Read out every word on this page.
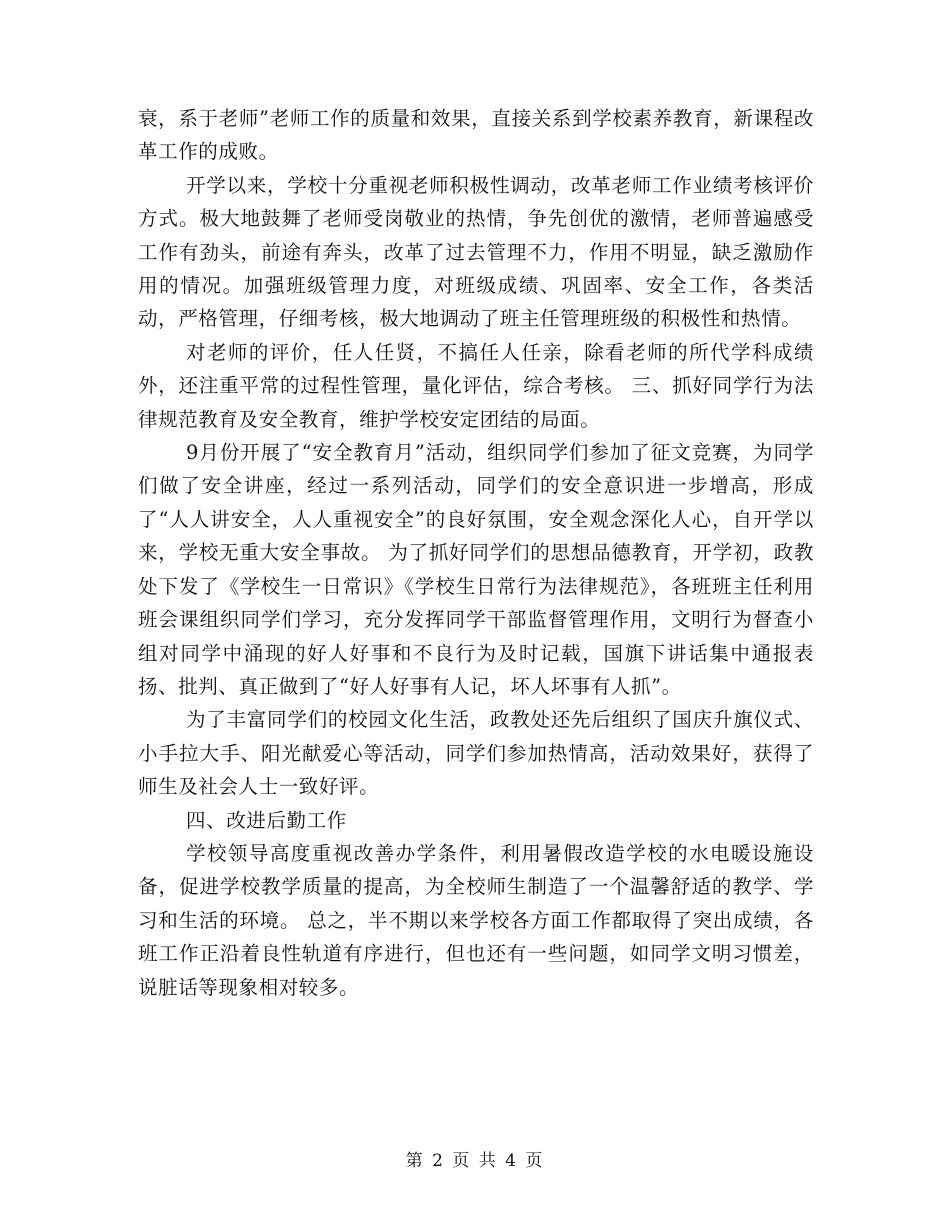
衰，系于老师”老师工作的质量和效果，直接关系到学校素养教育，新课程改革工作的成败。

开学以来，学校十分重视老师积极性调动，改革老师工作业绩考核评价方式。极大地鼓舞了老师受岗敬业的热情，争先创优的激情，老师普遍感受工作有劲头，前途有奔头，改革了过去管理不力，作用不明显，缺乏激励作用的情况。加强班级管理力度，对班级成绩、巩固率、安全工作，各类活动，严格管理，仔细考核，极大地调动了班主任管理班级的积极性和热情。

对老师的评价，任人任贤，不搞任人任亲，除看老师的所代学科成绩外，还注重平常的过程性管理，量化评估，综合考核。 三、抓好同学行为法律规范教育及安全教育，维护学校安定团结的局面。

9月份开展了“安全教育月”活动，组织同学们参加了征文竞赛，为同学们做了安全讲座，经过一系列活动，同学们的安全意识进一步增高，形成了“人人讲安全，人人重视安全”的良好氛围，安全观念深化人心，自开学以来，学校无重大安全事故。 为了抓好同学们的思想品德教育，开学初，政教处下发了《学校生一日常识》《学校生日常行为法律规范》，各班班主任利用班会课组织同学们学习，充分发挥同学干部监督管理作用，文明行为督查小组对同学中涌现的好人好事和不良行为及时记载，国旗下讲话集中通报表扬、批判、真正做到了“好人好事有人记，坏人坏事有人抓”。

为了丰富同学们的校园文化生活，政教处还先后组织了国庆升旗仪式、小手拉大手、阳光献爱心等活动，同学们参加热情高，活动效果好，获得了师生及社会人士一致好评。

四、改进后勤工作

学校领导高度重视改善办学条件，利用暑假改造学校的水电暖设施设备，促进学校教学质量的提高，为全校师生制造了一个温馨舒适的教学、学习和生活的环境。 总之，半不期以来学校各方面工作都取得了突出成绩，各班工作正沿着良性轨道有序进行，但也还有一些问题，如同学文明习惯差，说脏话等现象相对较多。

第 2 页 共 4 页
